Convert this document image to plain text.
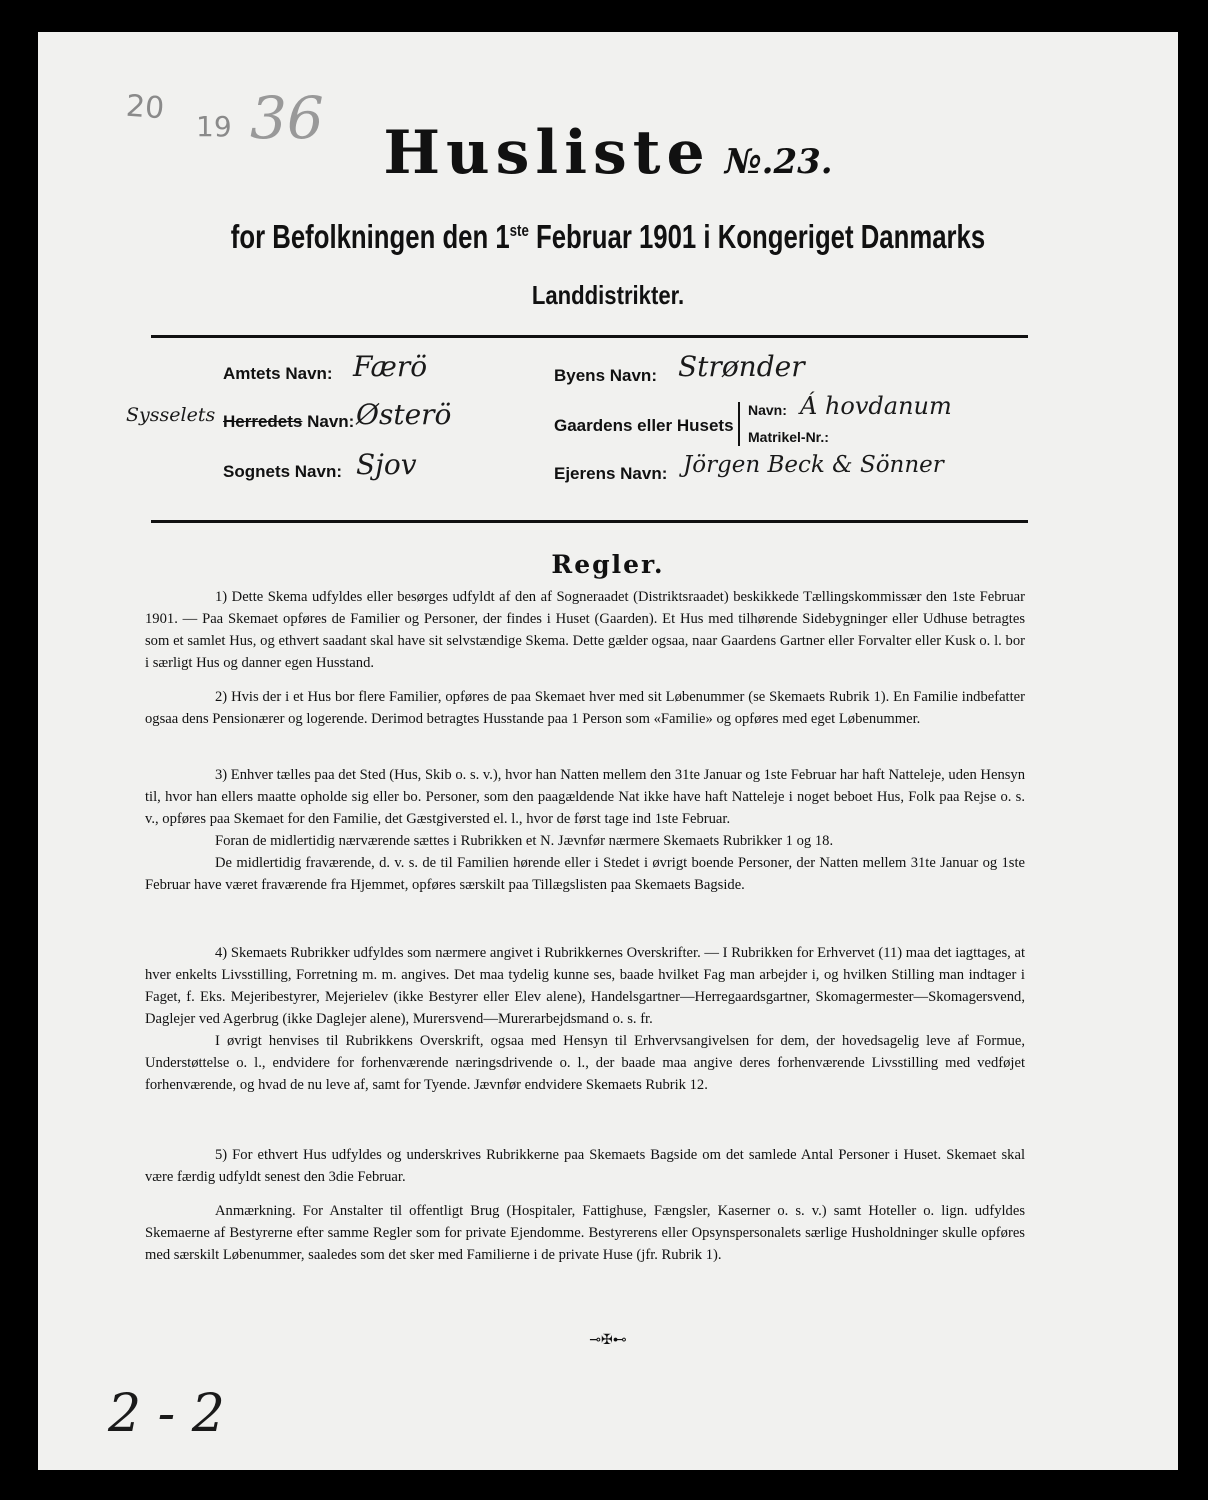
20
19 36 Husliste №.23.
for Befolkningen den 1ste Februar 1901 i Kongeriget Danmarks
Landdistrikter.
Amtets Navn: Færö
Sysselets Herredets Navn: Østerö
Sognets Navn: Sjov
Byens Navn: Strønder
Gaardens eller Husets
Navn: Á hovdanum
Matrikel-Nr.:
Ejerens Navn: Jörgen Beck & Sönner
Regler.

1) Dette Skema udfyldes eller besørges udfyldt af den af Sogneraadet (Distriktsraadet) beskikkede Tællingskommissær den 1ste Februar 1901. — Paa Skemaet opføres de Familier og Personer, der findes i Huset (Gaarden). Et Hus med tilhørende Sidebygninger eller Udhuse betragtes som et samlet Hus, og ethvert saadant skal have sit selvstændige Skema. Dette gælder ogsaa, naar Gaardens Gartner eller Forvalter eller Kusk o. l. bor i særligt Hus og danner egen Husstand.

2) Hvis der i et Hus bor flere Familier, opføres de paa Skemaet hver med sit Løbenummer (se Skemaets Rubrik 1). En Familie indbefatter ogsaa dens Pensionærer og logerende. Derimod betragtes Husstande paa 1 Person som «Familie» og opføres med eget Løbenummer.

3) Enhver tælles paa det Sted (Hus, Skib o. s. v.), hvor han Natten mellem den 31te Januar og 1ste Februar har haft Natteleje, uden Hensyn til, hvor han ellers maatte opholde sig eller bo. Personer, som den paagældende Nat ikke have haft Natteleje i noget beboet Hus, Folk paa Rejse o. s. v., opføres paa Skemaet for den Familie, det Gæstgiversted el. l., hvor de først tage ind 1ste Februar.

Foran de midlertidig nærværende sættes i Rubrikken et N. Jævnfør nærmere Skemaets Rubrikker 1 og 18.

De midlertidig fraværende, d. v. s. de til Familien hørende eller i Stedet i øvrigt boende Personer, der Natten mellem 31te Januar og 1ste Februar have været fraværende fra Hjemmet, opføres særskilt paa Tillægslisten paa Skemaets Bagside.

4) Skemaets Rubrikker udfyldes som nærmere angivet i Rubrikkernes Overskrifter. — I Rubrikken for Erhvervet (11) maa det iagttages, at hver enkelts Livsstilling, Forretning m. m. angives. Det maa tydelig kunne ses, baade hvilket Fag man arbejder i, og hvilken Stilling man indtager i Faget, f. Eks. Mejeribestyrer, Mejerielev (ikke Bestyrer eller Elev alene), Handelsgartner—Herregaardsgartner, Skomagermester—Skomagersvend, Daglejer ved Agerbrug (ikke Daglejer alene), Murersvend—Murerarbejdsmand o. s. fr.

I øvrigt henvises til Rubrikkens Overskrift, ogsaa med Hensyn til Erhvervsangivelsen for dem, der hovedsagelig leve af Formue, Understøttelse o. l., endvidere for forhenværende næringsdrivende o. l., der baade maa angive deres forhenværende Livsstilling med vedføjet forhenværende, og hvad de nu leve af, samt for Tyende. Jævnfør endvidere Skemaets Rubrik 12.

5) For ethvert Hus udfyldes og underskrives Rubrikkerne paa Skemaets Bagside om det samlede Antal Personer i Huset. Skemaet skal være færdig udfyldt senest den 3die Februar.

Anmærkning. For Anstalter til offentligt Brug (Hospitaler, Fattighuse, Fængsler, Kaserner o. s. v.) samt Hoteller o. lign. udfyldes Skemaerne af Bestyrerne efter samme Regler som for private Ejendomme. Bestyrerens eller Opsynspersonalets særlige Husholdninger skulle opføres med særskilt Løbenummer, saaledes som det sker med Familierne i de private Huse (jfr. Rubrik 1).

⊸✠⊷
2 - 2
